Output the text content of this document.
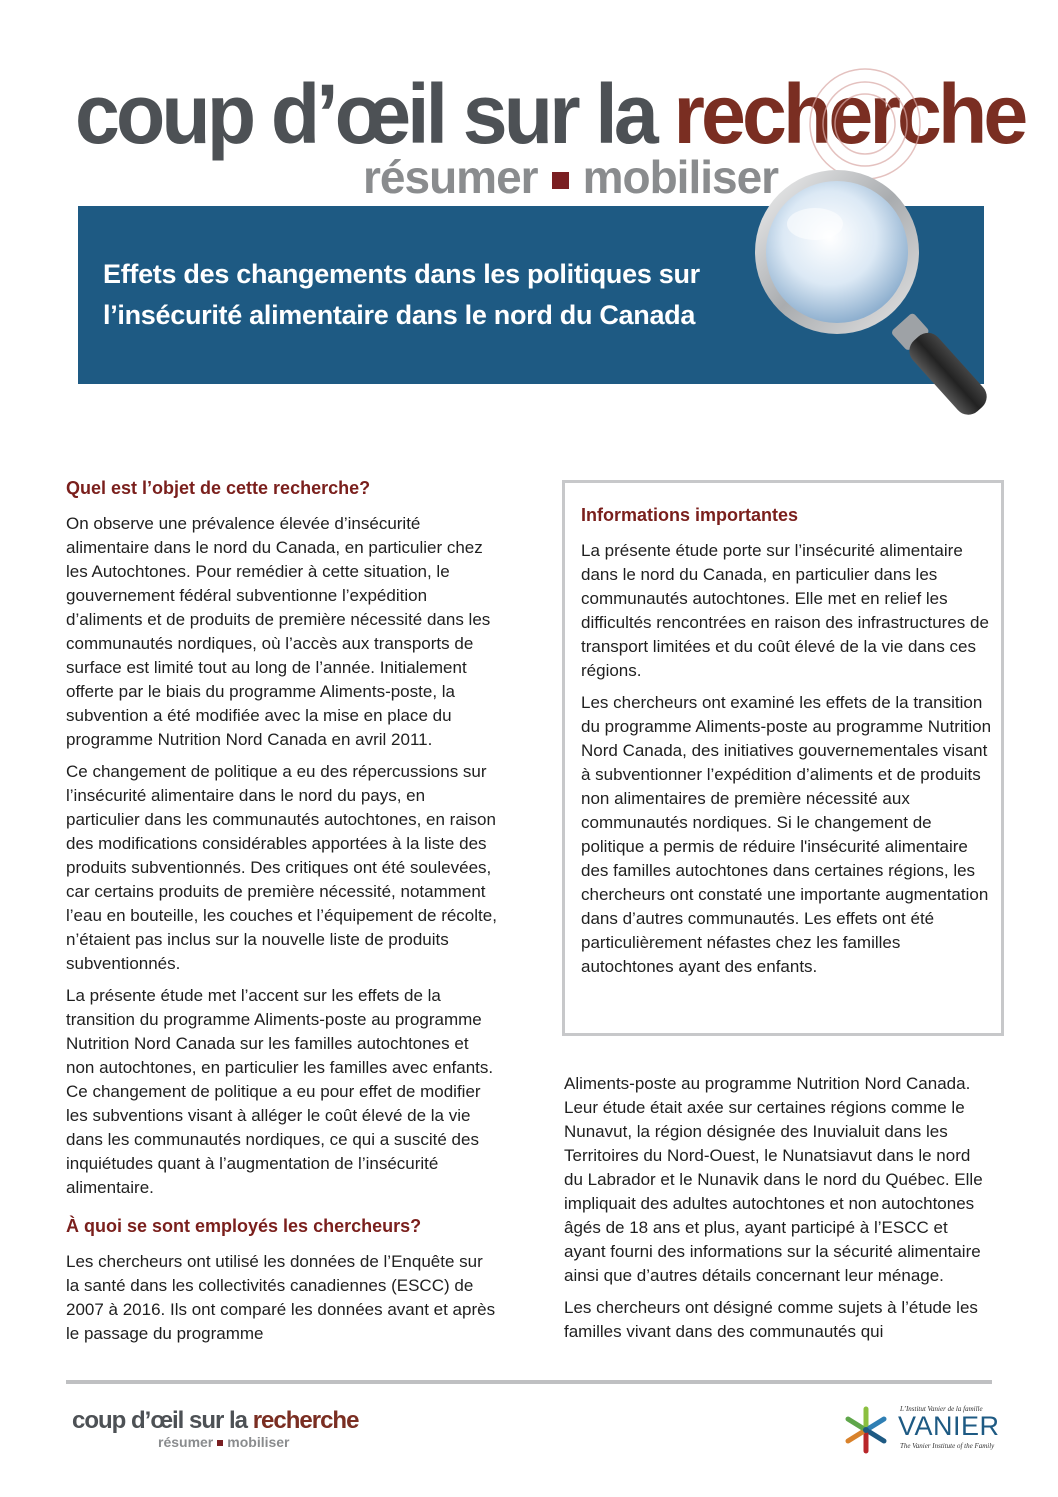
coup d’œil sur la recherche
résumer mobiliser
Effets des changements dans les politiques sur l’insécurité alimentaire dans le nord du Canada
Quel est l’objet de cette recherche?

On observe une prévalence élevée d’insécurité alimentaire dans le nord du Canada, en particulier chez les Autochtones. Pour remédier à cette situation, le gouvernement fédéral subventionne l’expédition d’aliments et de produits de première nécessité dans les communautés nordiques, où l’accès aux transports de surface est limité tout au long de l’année. Initialement offerte par le biais du programme Aliments-poste, la subvention a été modifiée avec la mise en place du programme Nutrition Nord Canada en avril 2011.

Ce changement de politique a eu des répercussions sur l’insécurité alimentaire dans le nord du pays, en particulier dans les communautés autochtones, en raison des modifications considérables apportées à la liste des produits subventionnés. Des critiques ont été soulevées, car certains produits de première nécessité, notamment l’eau en bouteille, les couches et l’équipement de récolte, n’étaient pas inclus sur la nouvelle liste de produits subventionnés.

La présente étude met l’accent sur les effets de la transition du programme Aliments-poste au programme Nutrition Nord Canada sur les familles autochtones et non autochtones, en particulier les familles avec enfants. Ce changement de politique a eu pour effet de modifier les subventions visant à alléger le coût élevé de la vie dans les communautés nordiques, ce qui a suscité des inquiétudes quant à l’augmentation de l’insécurité alimentaire.

À quoi se sont employés les chercheurs?

Les chercheurs ont utilisé les données de l’Enquête sur la santé dans les collectivités canadiennes (ESCC) de 2007 à 2016. Ils ont comparé les données avant et après le passage du programme

Informations importantes

La présente étude porte sur l’insécurité alimentaire dans le nord du Canada, en particulier dans les communautés autochtones. Elle met en relief les difficultés rencontrées en raison des infrastructures de transport limitées et du coût élevé de la vie dans ces régions.

Les chercheurs ont examiné les effets de la transition du programme Aliments-poste au programme Nutrition Nord Canada, des initiatives gouvernementales visant à subventionner l’expédition d’aliments et de produits non alimentaires de première nécessité aux communautés nordiques. Si le changement de politique a permis de réduire l'insécurité alimentaire des familles autochtones dans certaines régions, les chercheurs ont constaté une importante augmentation dans d’autres communautés. Les effets ont été particulièrement néfastes chez les familles autochtones ayant des enfants.

Aliments-poste au programme Nutrition Nord Canada. Leur étude était axée sur certaines régions comme le Nunavut, la région désignée des Inuvialuit dans les Territoires du Nord-Ouest, le Nunatsiavut dans le nord du Labrador et le Nunavik dans le nord du Québec. Elle impliquait des adultes autochtones et non autochtones âgés de 18 ans et plus, ayant participé à l’ESCC et ayant fourni des informations sur la sécurité alimentaire ainsi que d’autres détails concernant leur ménage.

Les chercheurs ont désigné comme sujets à l’étude les familles vivant dans des communautés qui

coup d’œil sur la recherche
résumer mobiliser
L’Institut Vanier de la famille
VANIER
The Vanier Institute of the Family
